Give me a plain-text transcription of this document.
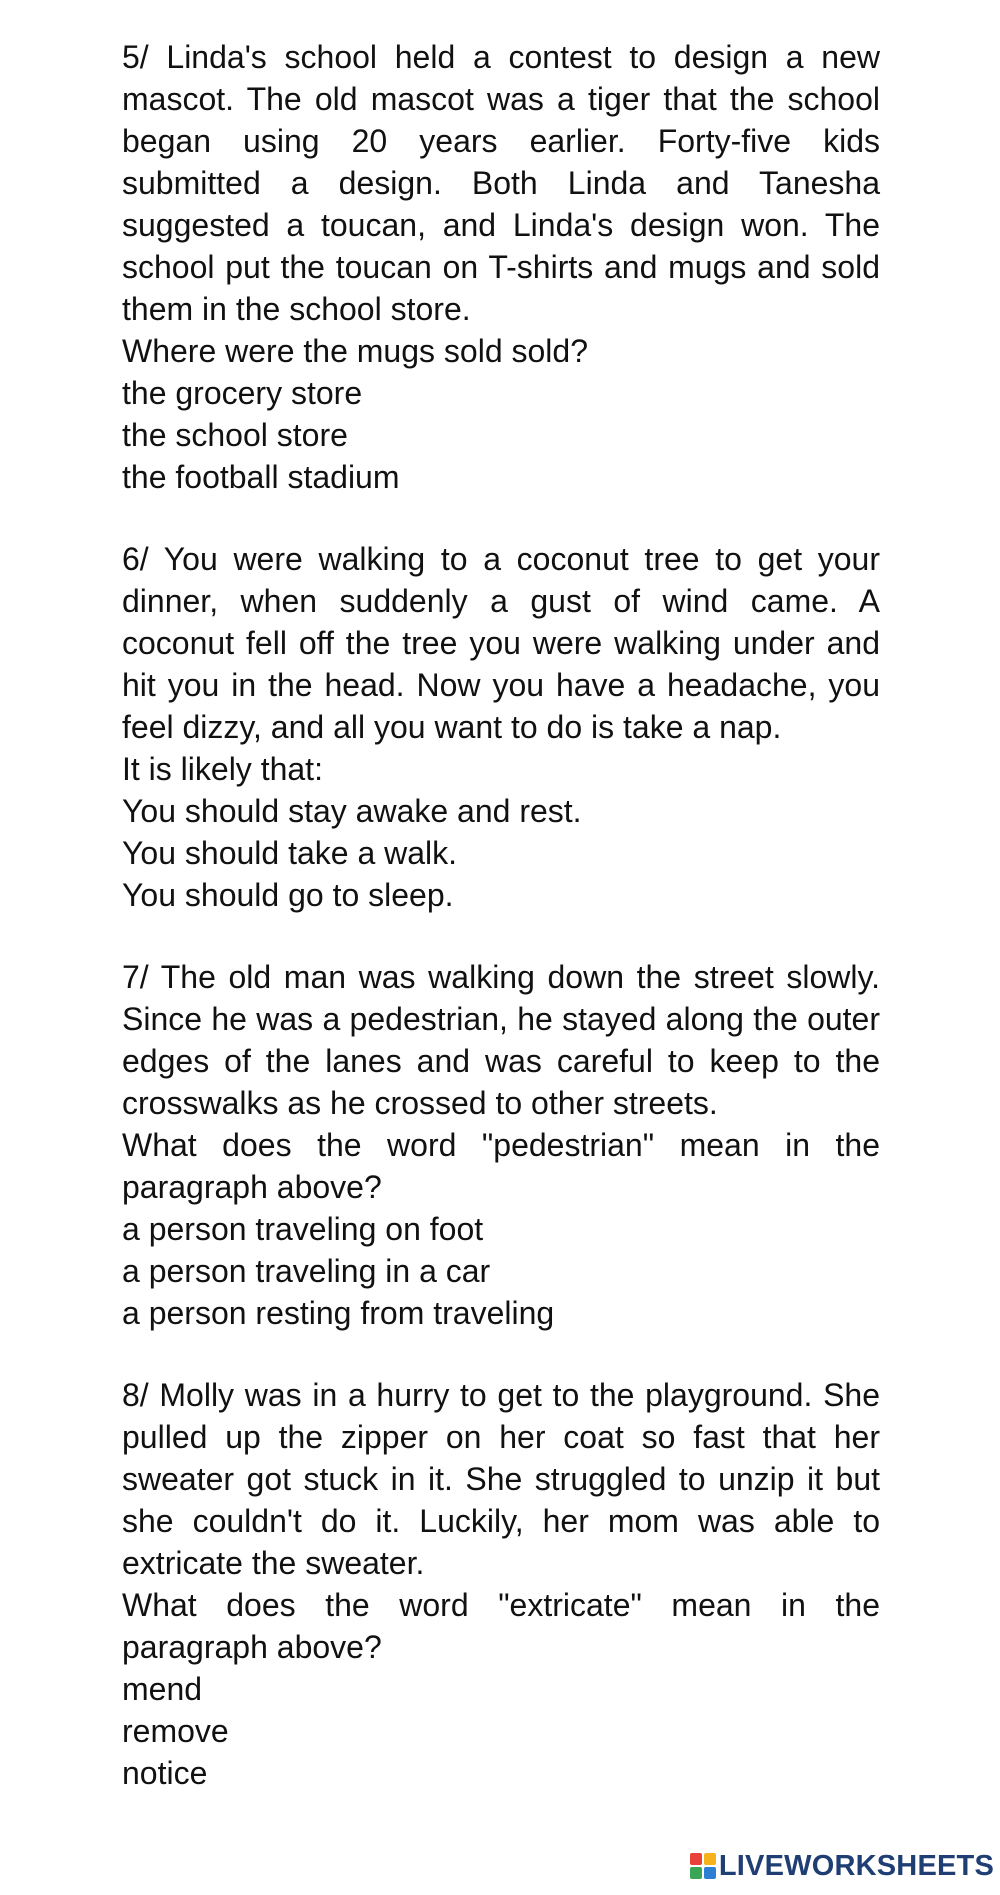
5/ Linda's school held a contest to design a new mascot. The old mascot was a tiger that the school began using 20 years earlier. Forty-five kids submitted a design. Both Linda and Tanesha suggested a toucan, and Linda's design won. The school put the toucan on T-shirts and mugs and sold them in the school store.

Where were the mugs sold sold?

the grocery store

the school store

the football stadium

6/ You were walking to a coconut tree to get your dinner, when suddenly a gust of wind came. A coconut fell off the tree you were walking under and hit you in the head. Now you have a headache, you feel dizzy, and all you want to do is take a nap.

It is likely that:

You should stay awake and rest.

You should take a walk.

You should go to sleep.

7/ The old man was walking down the street slowly. Since he was a pedestrian, he stayed along the outer edges of the lanes and was careful to keep to the crosswalks as he crossed to other streets.

What does the word "pedestrian" mean in the paragraph above?

a person traveling on foot

a person traveling in a car

a person resting from traveling

8/ Molly was in a hurry to get to the playground. She pulled up the zipper on her coat so fast that her sweater got stuck in it. She struggled to unzip it but she couldn't do it. Luckily, her mom was able to extricate the sweater.

What does the word "extricate" mean in the paragraph above?

mend

remove

notice

LIVEWORKSHEETS
